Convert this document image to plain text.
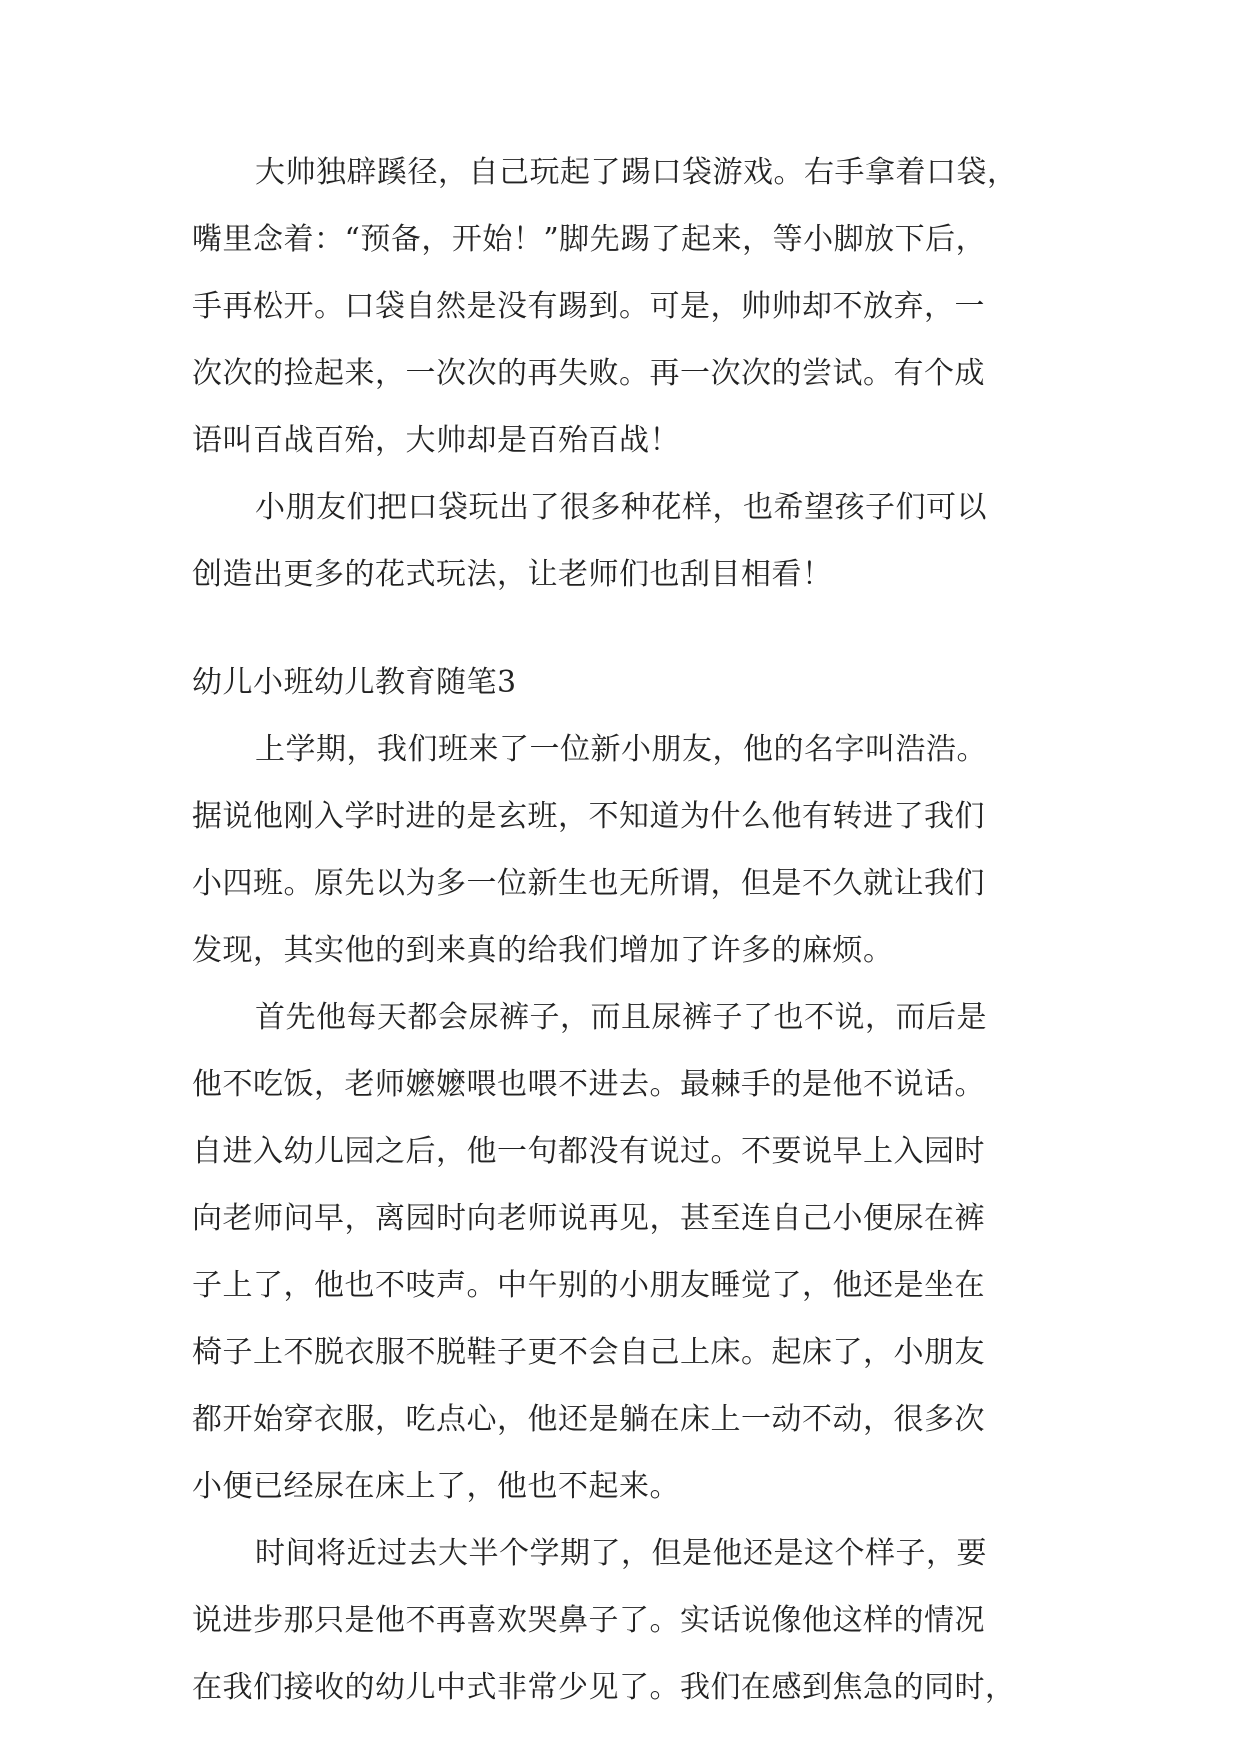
大帅独辟蹊径，自己玩起了踢口袋游戏。右手拿着口袋，
嘴里念着：“预备，开始！”脚先踢了起来，等小脚放下后，
手再松开。口袋自然是没有踢到。可是，帅帅却不放弃，一
次次的捡起来，一次次的再失败。再一次次的尝试。有个成
语叫百战百殆，大帅却是百殆百战！
小朋友们把口袋玩出了很多种花样，也希望孩子们可以
创造出更多的花式玩法，让老师们也刮目相看！
幼儿小班幼儿教育随笔3
上学期，我们班来了一位新小朋友，他的名字叫浩浩。
据说他刚入学时进的是玄班，不知道为什么他有转进了我们
小四班。原先以为多一位新生也无所谓，但是不久就让我们
发现，其实他的到来真的给我们增加了许多的麻烦。
首先他每天都会尿裤子，而且尿裤子了也不说，而后是
他不吃饭，老师嬷嬷喂也喂不进去。最棘手的是他不说话。
自进入幼儿园之后，他一句都没有说过。不要说早上入园时
向老师问早，离园时向老师说再见，甚至连自己小便尿在裤
子上了，他也不吱声。中午别的小朋友睡觉了，他还是坐在
椅子上不脱衣服不脱鞋子更不会自己上床。起床了，小朋友
都开始穿衣服，吃点心，他还是躺在床上一动不动，很多次
小便已经尿在床上了，他也不起来。
时间将近过去大半个学期了，但是他还是这个样子，要
说进步那只是他不再喜欢哭鼻子了。实话说像他这样的情况
在我们接收的幼儿中式非常少见了。我们在感到焦急的同时，
